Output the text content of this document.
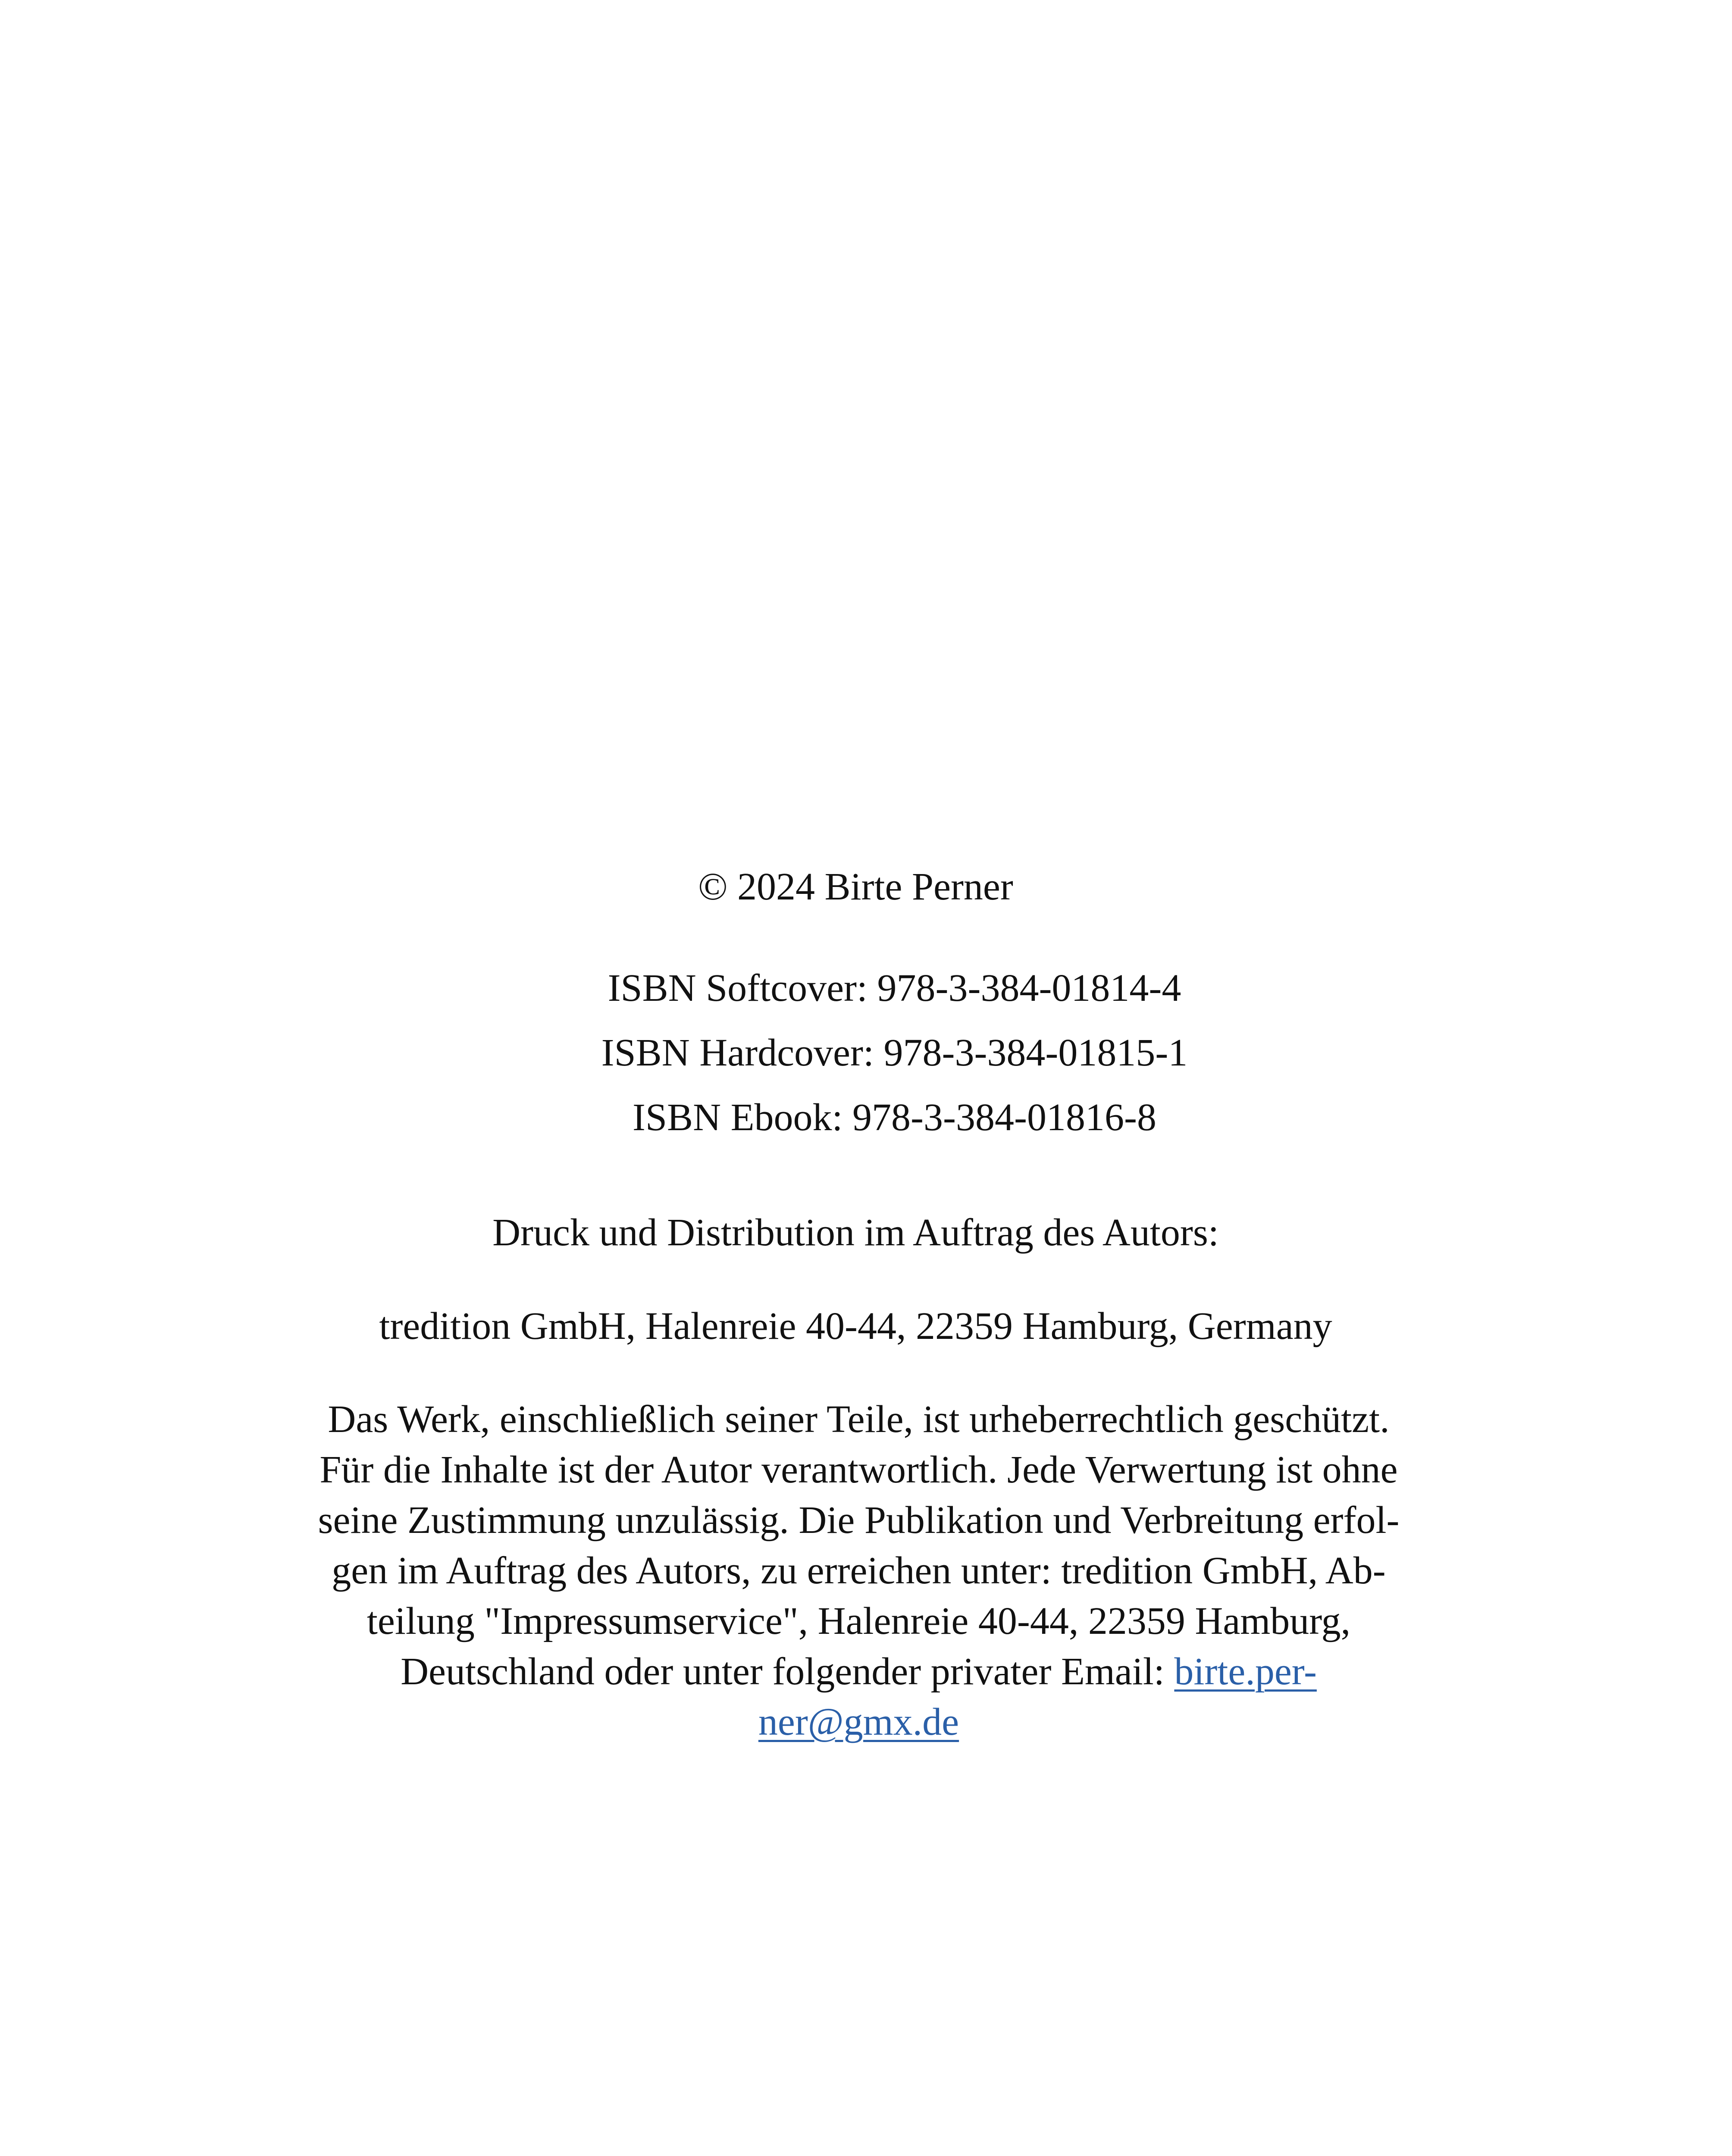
© 2024 Birte Perner
ISBN Softcover: 978-3-384-01814-4
ISBN Hardcover: 978-3-384-01815-1
ISBN Ebook: 978-3-384-01816-8
Druck und Distribution im Auftrag des Autors:
tredition GmbH, Halenreie 40-44, 22359 Hamburg, Germany
Das Werk, einschließlich seiner Teile, ist urheberrechtlich geschützt.
Für die Inhalte ist der Autor verantwortlich. Jede Verwertung ist ohne
seine Zustimmung unzulässig. Die Publikation und Verbreitung erfol-
gen im Auftrag des Autors, zu erreichen unter: tredition GmbH, Ab-
teilung "Impressumservice", Halenreie 40-44, 22359 Hamburg,
Deutschland oder unter folgender privater Email: birte.per-
ner@gmx.de
